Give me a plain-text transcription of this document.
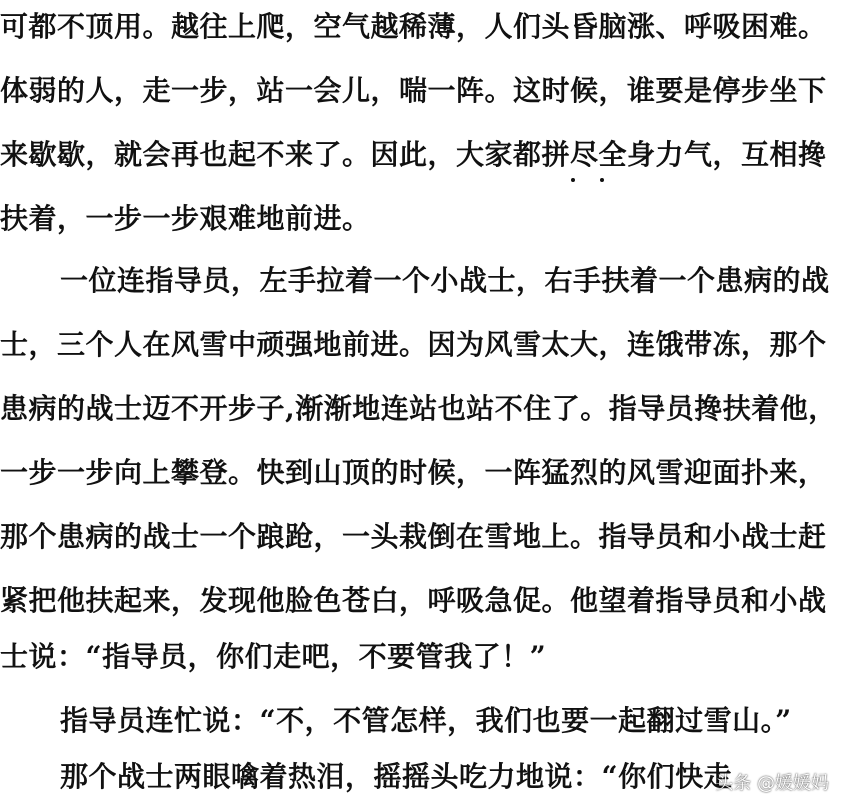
可都不顶用。越往上爬，空气越稀薄，人们头昏脑涨、呼吸困难。
体弱的人，走一步，站一会儿，喘一阵。这时候，谁要是停步坐下
来歇歇，就会再也起不来了。因此，大家都拼尽全身力气，互相搀
扶着，一步一步艰难地前进。
一位连指导员，左手拉着一个小战士，右手扶着一个患病的战
士，三个人在风雪中顽强地前进。因为风雪太大，连饿带冻，那个
患病的战士迈不开步子,渐渐地连站也站不住了。指导员搀扶着他，
一步一步向上攀登。快到山顶的时候，一阵猛烈的风雪迎面扑来，
那个患病的战士一个踉跄，一头栽倒在雪地上。指导员和小战士赶
紧把他扶起来，发现他脸色苍白，呼吸急促。他望着指导员和小战
士说：“指导员，你们走吧，不要管我了！”
指导员连忙说：“不，不管怎样，我们也要一起翻过雪山。”
那个战士两眼噙着热泪，摇摇头吃力地说：“你们快走
头条 @媛媛妈
